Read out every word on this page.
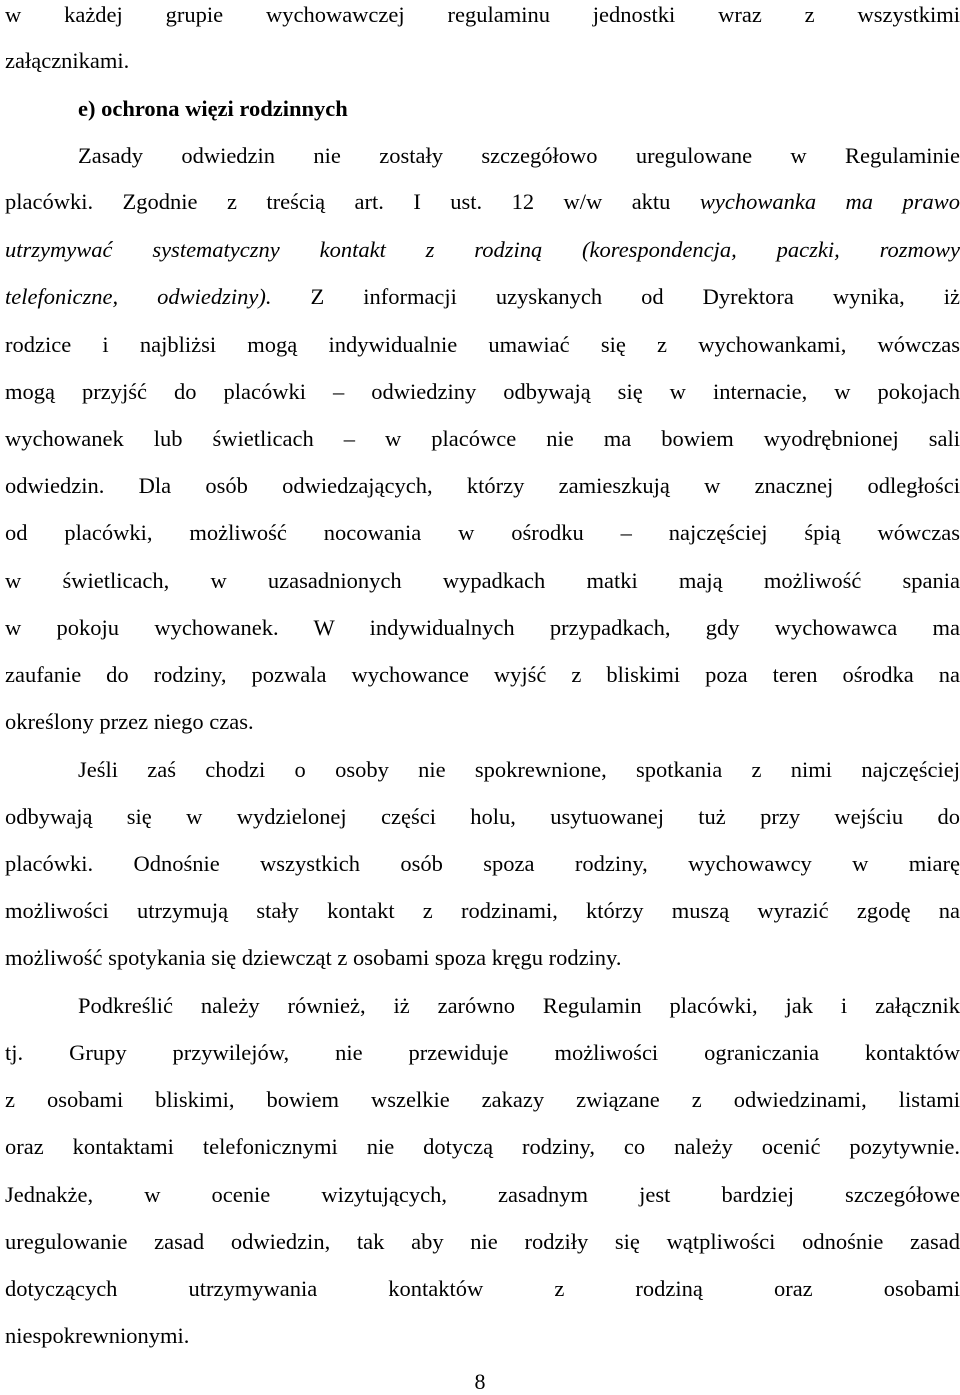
w każdej grupie wychowawczej regulaminu jednostki wraz z wszystkimi
załącznikami.
e) ochrona więzi rodzinnych
Zasady odwiedzin nie zostały szczegółowo uregulowane w Regulaminie
placówki. Zgodnie z treścią art. I ust. 12 w/w aktu wychowanka ma prawo
utrzymywać systematyczny kontakt z rodziną (korespondencja, paczki, rozmowy
telefoniczne, odwiedziny). Z informacji uzyskanych od Dyrektora wynika, iż
rodzice i najbliżsi mogą indywidualnie umawiać się z wychowankami, wówczas
mogą przyjść do placówki – odwiedziny odbywają się w internacie, w pokojach
wychowanek lub świetlicach – w placówce nie ma bowiem wyodrębnionej sali
odwiedzin. Dla osób odwiedzających, którzy zamieszkują w znacznej odległości
od placówki, możliwość nocowania w ośrodku – najczęściej śpią wówczas
w świetlicach, w uzasadnionych wypadkach matki mają możliwość spania
w pokoju wychowanek. W indywidualnych przypadkach, gdy wychowawca ma
zaufanie do rodziny, pozwala wychowance wyjść z bliskimi poza teren ośrodka na
określony przez niego czas.
Jeśli zaś chodzi o osoby nie spokrewnione, spotkania z nimi najczęściej
odbywają się w wydzielonej części holu, usytuowanej tuż przy wejściu do
placówki. Odnośnie wszystkich osób spoza rodziny, wychowawcy w miarę
możliwości utrzymują stały kontakt z rodzinami, którzy muszą wyrazić zgodę na
możliwość spotykania się dziewcząt z osobami spoza kręgu rodziny.
Podkreślić należy również, iż zarówno Regulamin placówki, jak i załącznik
tj. Grupy przywilejów, nie przewiduje możliwości ograniczania kontaktów
z osobami bliskimi, bowiem wszelkie zakazy związane z odwiedzinami, listami
oraz kontaktami telefonicznymi nie dotyczą rodziny, co należy ocenić pozytywnie.
Jednakże, w ocenie wizytujących, zasadnym jest bardziej szczegółowe
uregulowanie zasad odwiedzin, tak aby nie rodziły się wątpliwości odnośnie zasad
dotyczących utrzymywania kontaktów z rodziną oraz osobami
niespokrewnionymi.
8
